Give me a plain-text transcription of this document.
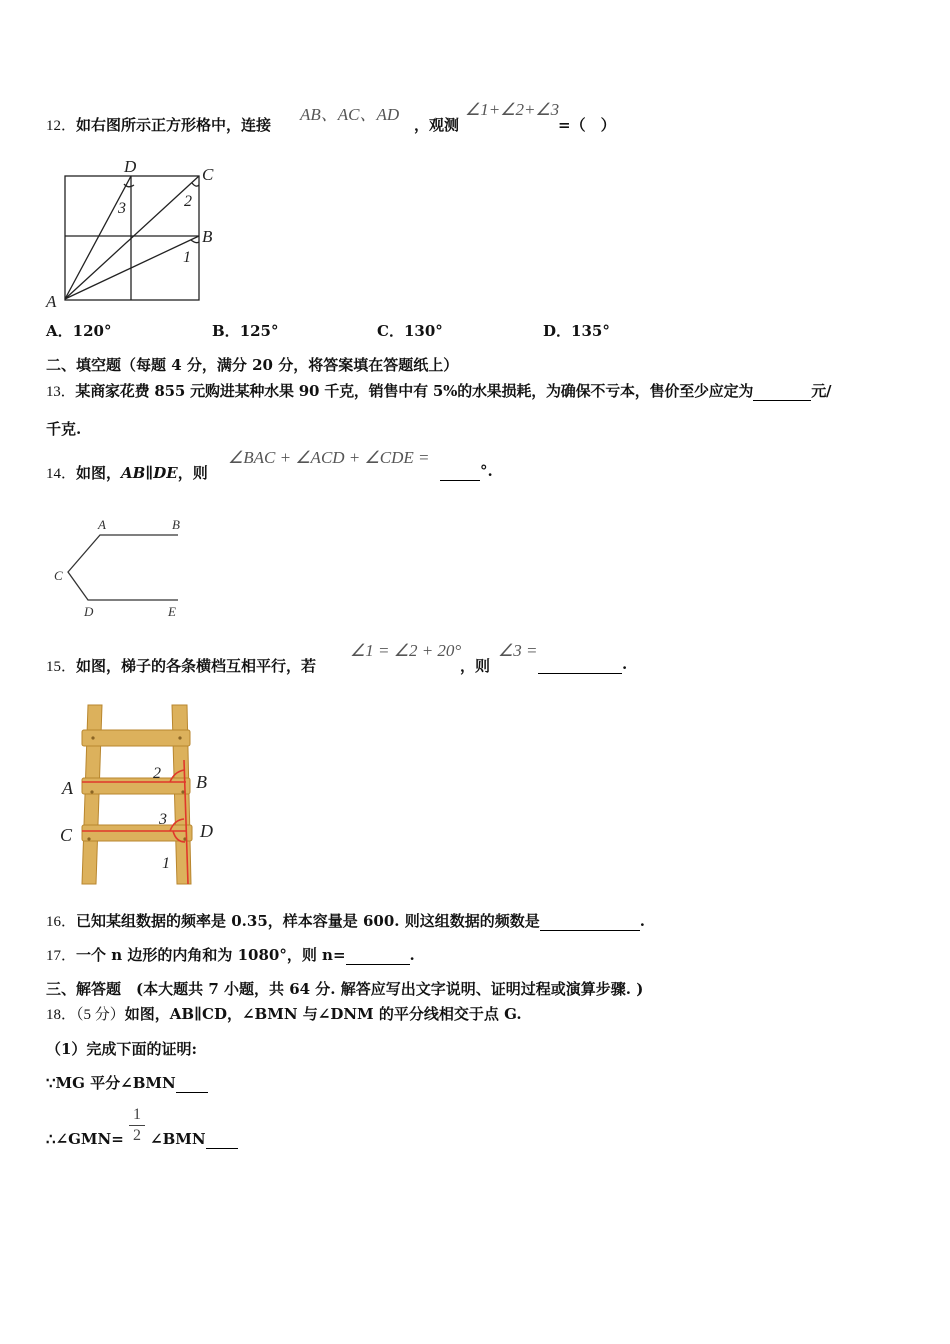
12．如右图所示正方形格中，连接
AB、AC、AD
，观测
∠1+∠2+∠3
=（　）
D	C
B
A
3	2
1
A．120°	B．125°	C．130°	D．135°
二、填空题（每题 4 分，满分 20 分，将答案填在答题纸上）
13．某商家花费 855 元购进某种水果 90 千克，销售中有 5%的水果损耗，为确保不亏本，售价至少应定为	元/
千克.
14．如图，AB∥DE，则
∠BAC + ∠ACD + ∠CDE =
°.
A	B
C
D	E
15．如图，梯子的各条横档互相平行，若
∠1 = ∠2 + 20°
，则
∠3 =
.
A	B
C	D
2
3
1
16．已知某组数据的频率是 0.35，样本容量是 600. 则这组数据的频数是	.
17．一个 n 边形的内角和为 1080°，则 n=	.
三、解答题　(本大题共 7 小题，共 64 分. 解答应写出文字说明、证明过程或演算步骤. )
18．（5 分）如图，AB∥CD，∠BMN 与∠DNM 的平分线相交于点 G.
（1）完成下面的证明:
∵MG 平分∠BMN
$\frac{1}{2}$
∴∠GMN= ∠BMN
